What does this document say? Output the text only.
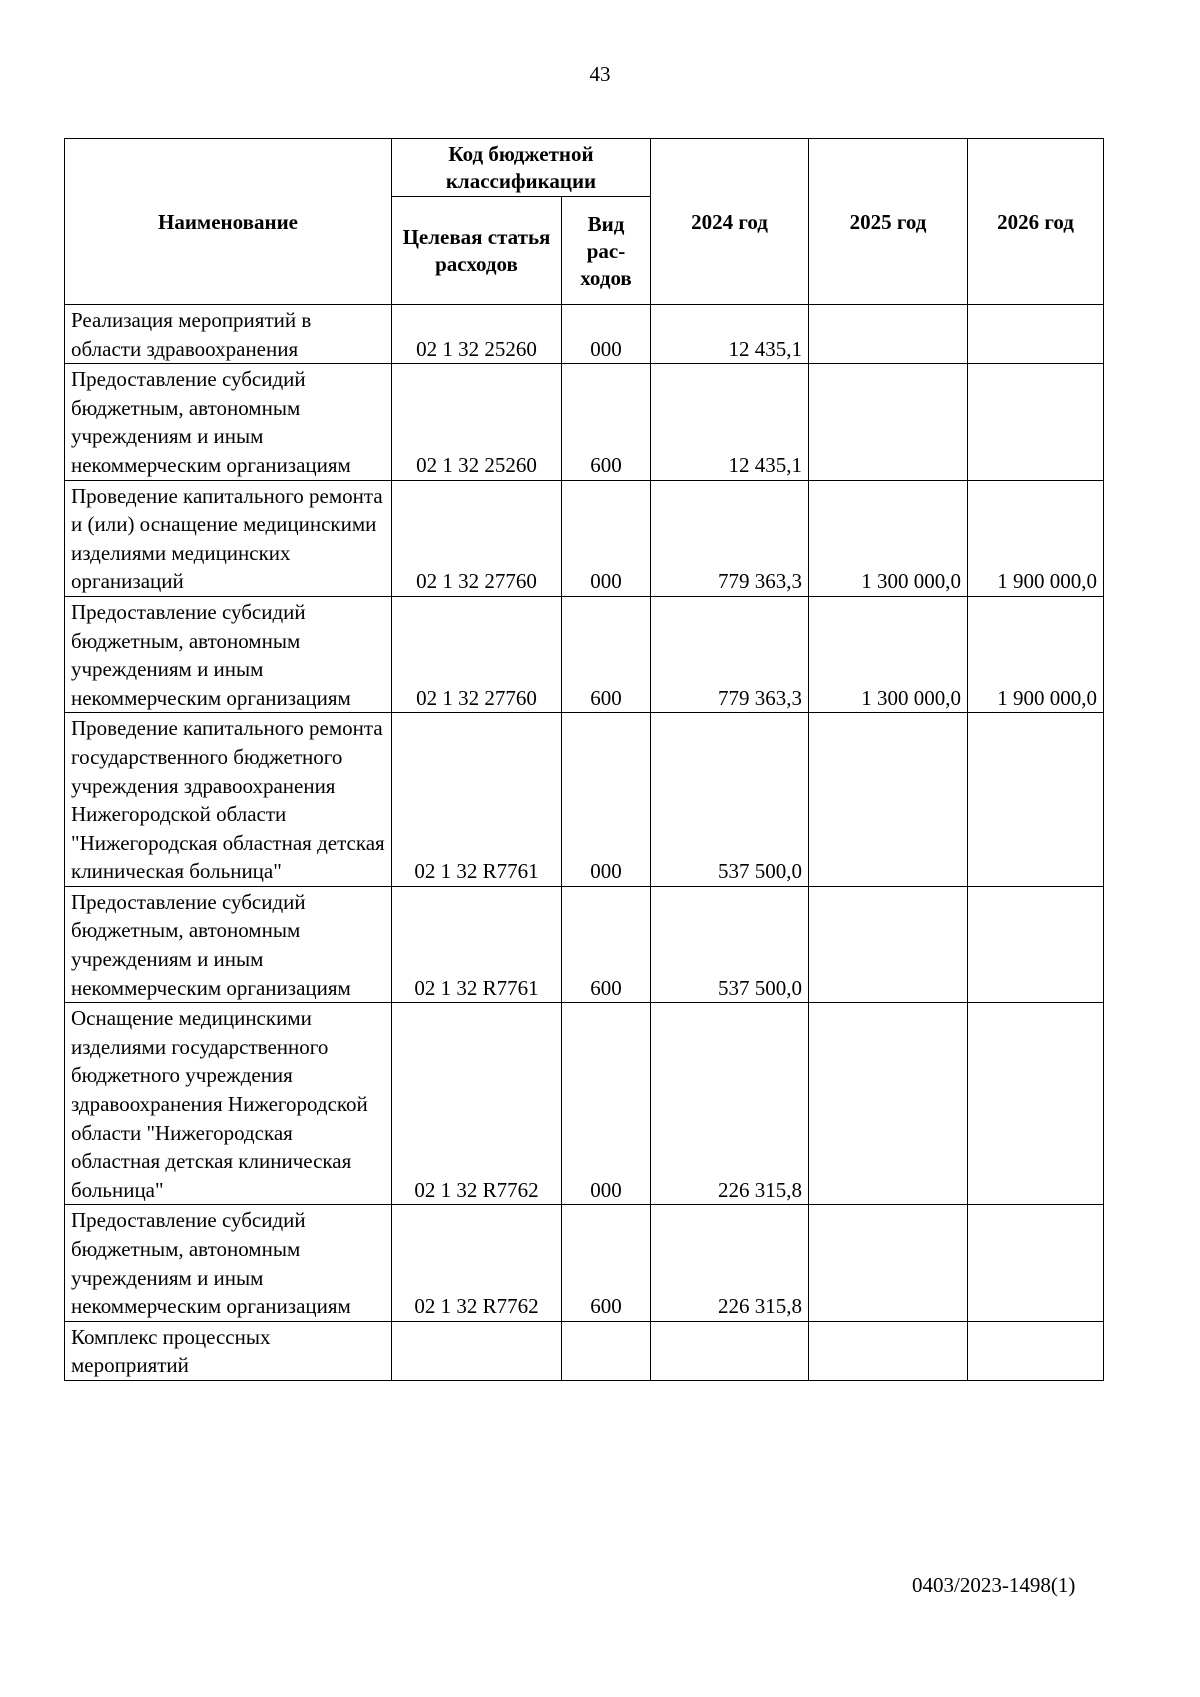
43
Наименование	Код бюджетной классификации		2024 год	2025 год	2026 год
	Целевая статья расходов	Вид рас-ходов			
Реализация мероприятий в области здравоохранения	02 1 32 25260	000	12 435,1		
Предоставление субсидий бюджетным, автономным учреждениям и иным некоммерческим организациям	02 1 32 25260	600	12 435,1		
Проведение капитального ремонта и (или) оснащение медицинскими изделиями медицинских организаций	02 1 32 27760	000	779 363,3	1 300 000,0	1 900 000,0
Предоставление субсидий бюджетным, автономным учреждениям и иным некоммерческим организациям	02 1 32 27760	600	779 363,3	1 300 000,0	1 900 000,0
Проведение капитального ремонта государственного бюджетного учреждения здравоохранения Нижегородской области "Нижегородская областная детская клиническая больница"	02 1 32 R7761	000	537 500,0		
Предоставление субсидий бюджетным, автономным учреждениям и иным некоммерческим организациям	02 1 32 R7761	600	537 500,0		
Оснащение медицинскими изделиями государственного бюджетного учреждения здравоохранения Нижегородской области "Нижегородская областная детская клиническая больница"	02 1 32 R7762	000	226 315,8		
Предоставление субсидий бюджетным, автономным учреждениям и иным некоммерческим организациям	02 1 32 R7762	600	226 315,8		
Комплекс процессных мероприятий					
0403/2023-1498(1)
